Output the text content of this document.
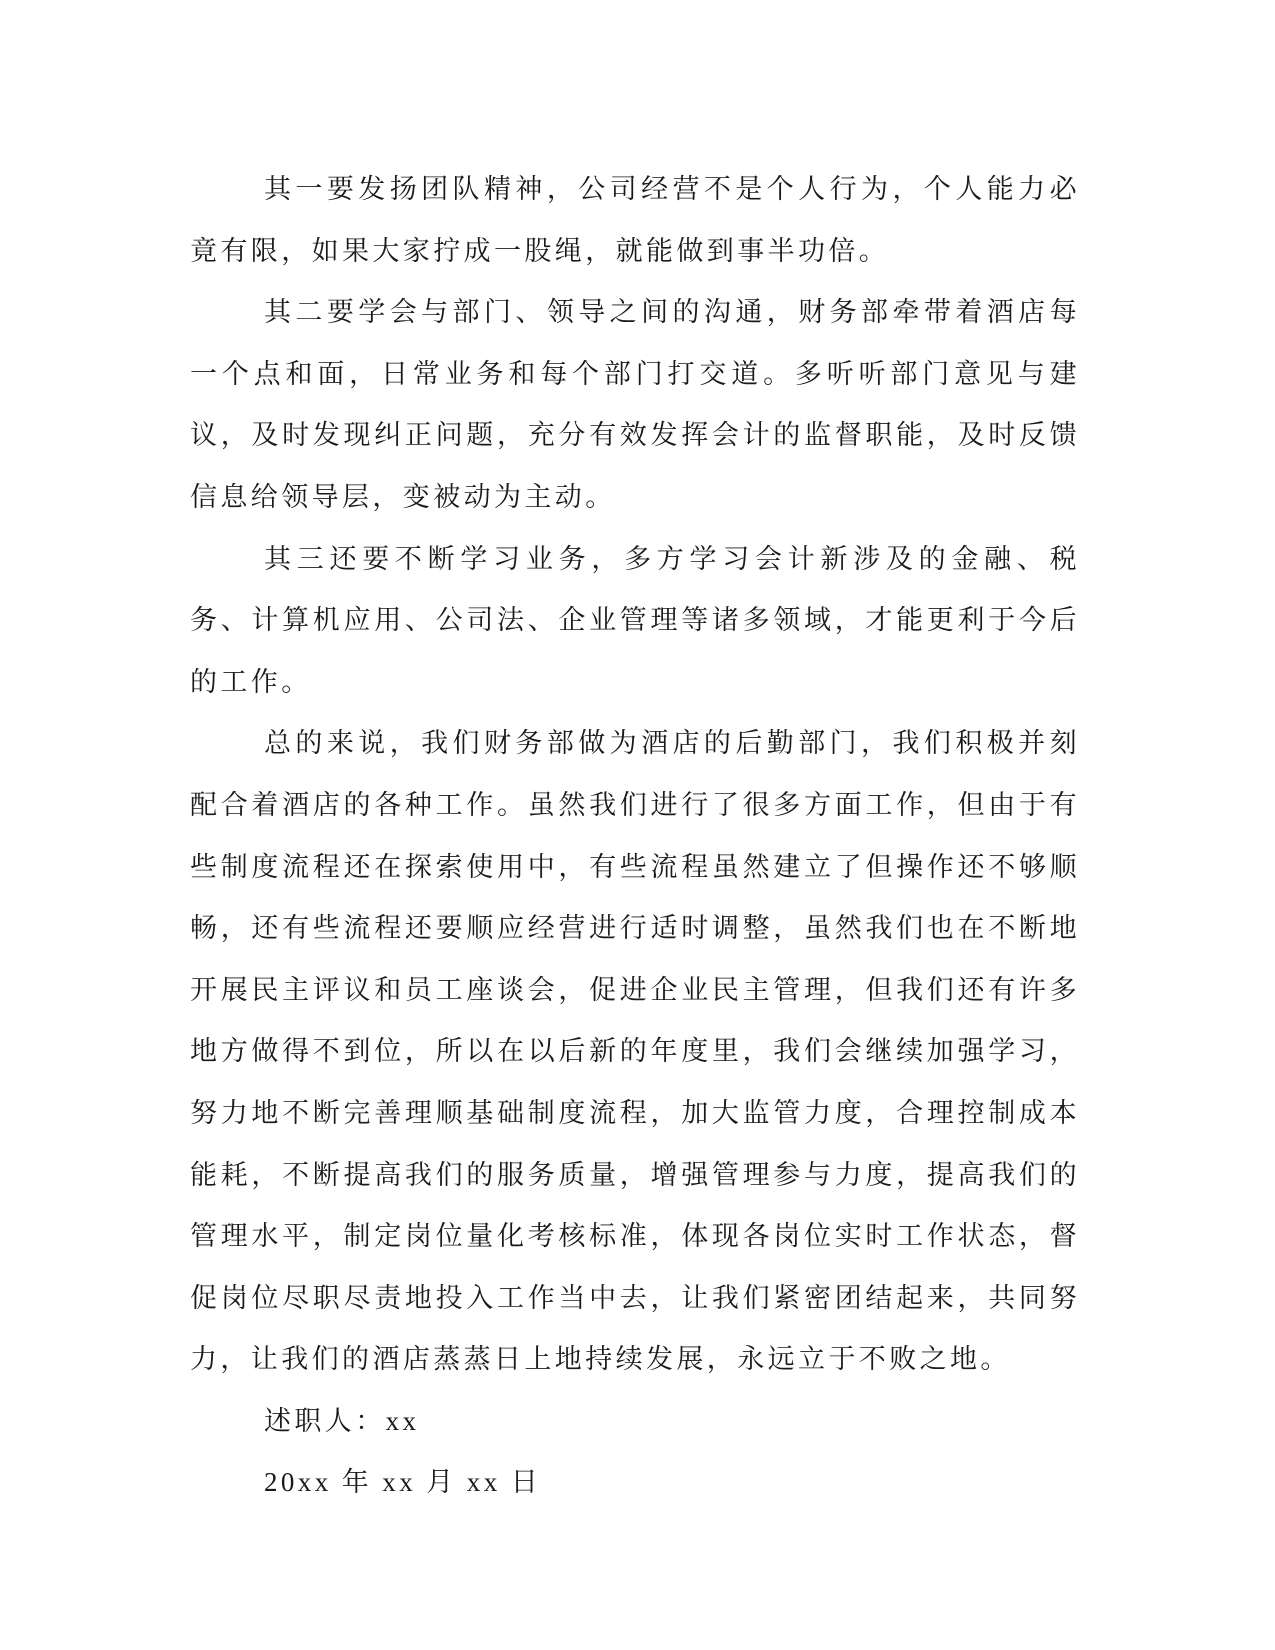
其一要发扬团队精神，公司经营不是个人行为，个人能力必竟有限，如果大家拧成一股绳，就能做到事半功倍。

其二要学会与部门、领导之间的沟通，财务部牵带着酒店每一个点和面，日常业务和每个部门打交道。多听听部门意见与建议，及时发现纠正问题，充分有效发挥会计的监督职能，及时反馈信息给领导层，变被动为主动。

其三还要不断学习业务，多方学习会计新涉及的金融、税务、计算机应用、公司法、企业管理等诸多领域，才能更利于今后的工作。

总的来说，我们财务部做为酒店的后勤部门，我们积极并刻配合着酒店的各种工作。虽然我们进行了很多方面工作，但由于有些制度流程还在探索使用中，有些流程虽然建立了但操作还不够顺畅，还有些流程还要顺应经营进行适时调整，虽然我们也在不断地开展民主评议和员工座谈会，促进企业民主管理，但我们还有许多地方做得不到位，所以在以后新的年度里，我们会继续加强学习，努力地不断完善理顺基础制度流程，加大监管力度，合理控制成本能耗，不断提高我们的服务质量，增强管理参与力度，提高我们的管理水平，制定岗位量化考核标准，体现各岗位实时工作状态，督促岗位尽职尽责地投入工作当中去，让我们紧密团结起来，共同努力，让我们的酒店蒸蒸日上地持续发展，永远立于不败之地。

述职人：xx

20xx 年 xx 月 xx 日
